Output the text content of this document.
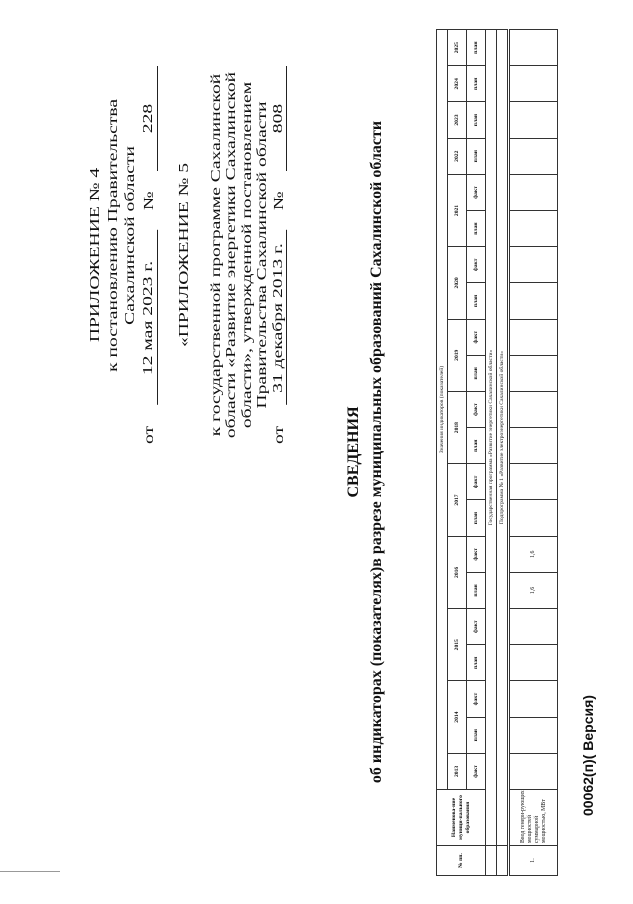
ПРИЛОЖЕНИЕ № 4 к постановлению Правительства Сахалинской области
от
12 мая 2023 г.
№
228
«ПРИЛОЖЕНИЕ № 5 к государственной программе Сахалинской области «Развитие энергетики Сахалинской области», утвержденной постановлением Правительства Сахалинской области
от
31 декабря 2013 г.
№
808
СВЕДЕНИЯ об индикаторах (показателях)в разрезе муниципальных образований Сахалинской области
№ пп.	Наименова-ние муници-пального образования	Значения индикаторов (показателей)																				
		2013	2014		2015		2016		2017		2018		2019		2020		2021		2022	2023	2024	2025
		факт	план	факт	план	факт	план	факт	план	факт	план	факт	план	факт	план	факт	план	факт	план	план	план	план
	Государственная программа «Развитие энергетики Сахалинской области»																					
	Подпрограмма № 1 «Развитие электроэнергетики Сахалинской области»																					
1.	Ввод генери-рующих мощностей суммарной мощностью, МВт						1,6	1,6														
00062(п)( Версия)
